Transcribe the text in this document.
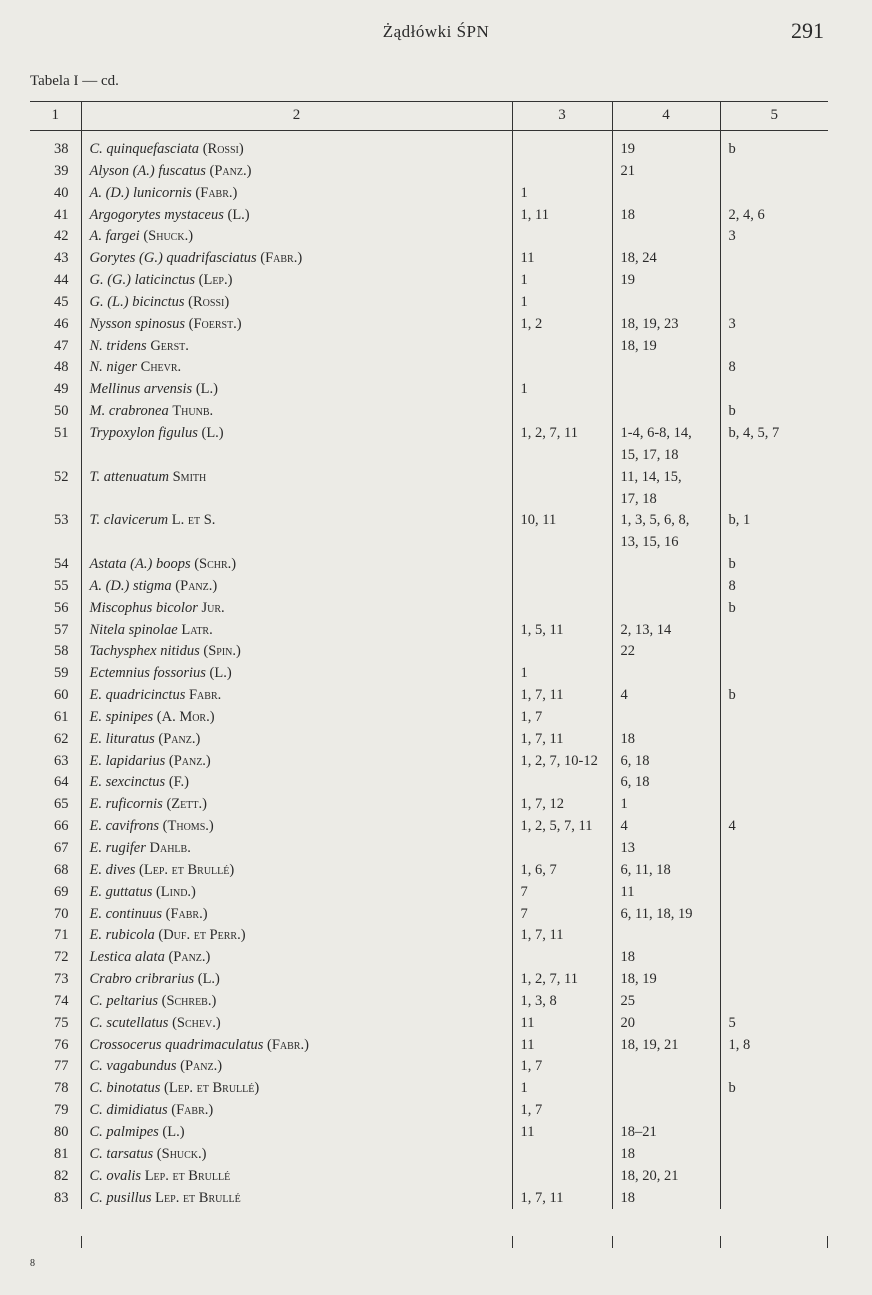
Żądłówki ŚPN	291
Tabela I — cd.
1	2	3	4	5

38	C. quinquefasciata (Rossi)		19	b
39	Alyson (A.) fuscatus (Panz.)		21	
40	A. (D.) lunicornis (Fabr.)	1		
41	Argogorytes mystaceus (L.)	1, 11	18	2, 4, 6
42	A. fargei (Shuck.)			3
43	Gorytes (G.) quadrifasciatus (Fabr.)	11	18, 24	
44	G. (G.) laticinctus (Lep.)	1	19	
45	G. (L.) bicinctus (Rossi)	1		
46	Nysson spinosus (Foerst.)	1, 2	18, 19, 23	3
47	N. tridens Gerst.		18, 19	
48	N. niger Chevr.			8
49	Mellinus arvensis (L.)	1		
50	M. crabronea Thunb.			b
51	Trypoxylon figulus (L.)	1, 2, 7, 11	1-4, 6-8, 14,	b, 4, 5, 7
			15, 17, 18	
52	T. attenuatum Smith		11, 14, 15,	
			17, 18	
53	T. clavicerum L. et S.	10, 11	1, 3, 5, 6, 8,	b, 1
			13, 15, 16	
54	Astata (A.) boops (Schr.)			b
55	A. (D.) stigma (Panz.)			8
56	Miscophus bicolor Jur.			b
57	Nitela spinolae Latr.	1, 5, 11	2, 13, 14	
58	Tachysphex nitidus (Spin.)		22	
59	Ectemnius fossorius (L.)	1		
60	E. quadricinctus Fabr.	1, 7, 11	4	b
61	E. spinipes (A. Mor.)	1, 7		
62	E. lituratus (Panz.)	1, 7, 11	18	
63	E. lapidarius (Panz.)	1, 2, 7, 10-12	6, 18	
64	E. sexcinctus (F.)		6, 18	
65	E. ruficornis (Zett.)	1, 7, 12	1	
66	E. cavifrons (Thoms.)	1, 2, 5, 7, 11	4	4
67	E. rugifer Dahlb.		13	
68	E. dives (Lep. et Brullé)	1, 6, 7	6, 11, 18	
69	E. guttatus (Lind.)	7	11	
70	E. continuus (Fabr.)	7	6, 11, 18, 19	
71	E. rubicola (Duf. et Perr.)	1, 7, 11		
72	Lestica alata (Panz.)		18	
73	Crabro cribrarius (L.)	1, 2, 7, 11	18, 19	
74	C. peltarius (Schreb.)	1, 3, 8	25	
75	C. scutellatus (Schev.)	11	20	5
76	Crossocerus quadrimaculatus (Fabr.)	11	18, 19, 21	1, 8
77	C. vagabundus (Panz.)	1, 7		
78	C. binotatus (Lep. et Brullé)	1		b
79	C. dimidiatus (Fabr.)	1, 7		
80	C. palmipes (L.)	11	18–21	
81	C. tarsatus (Shuck.)		18	
82	C. ovalis Lep. et Brullé		18, 20, 21	
83	C. pusillus Lep. et Brullé	1, 7, 11	18	
8
